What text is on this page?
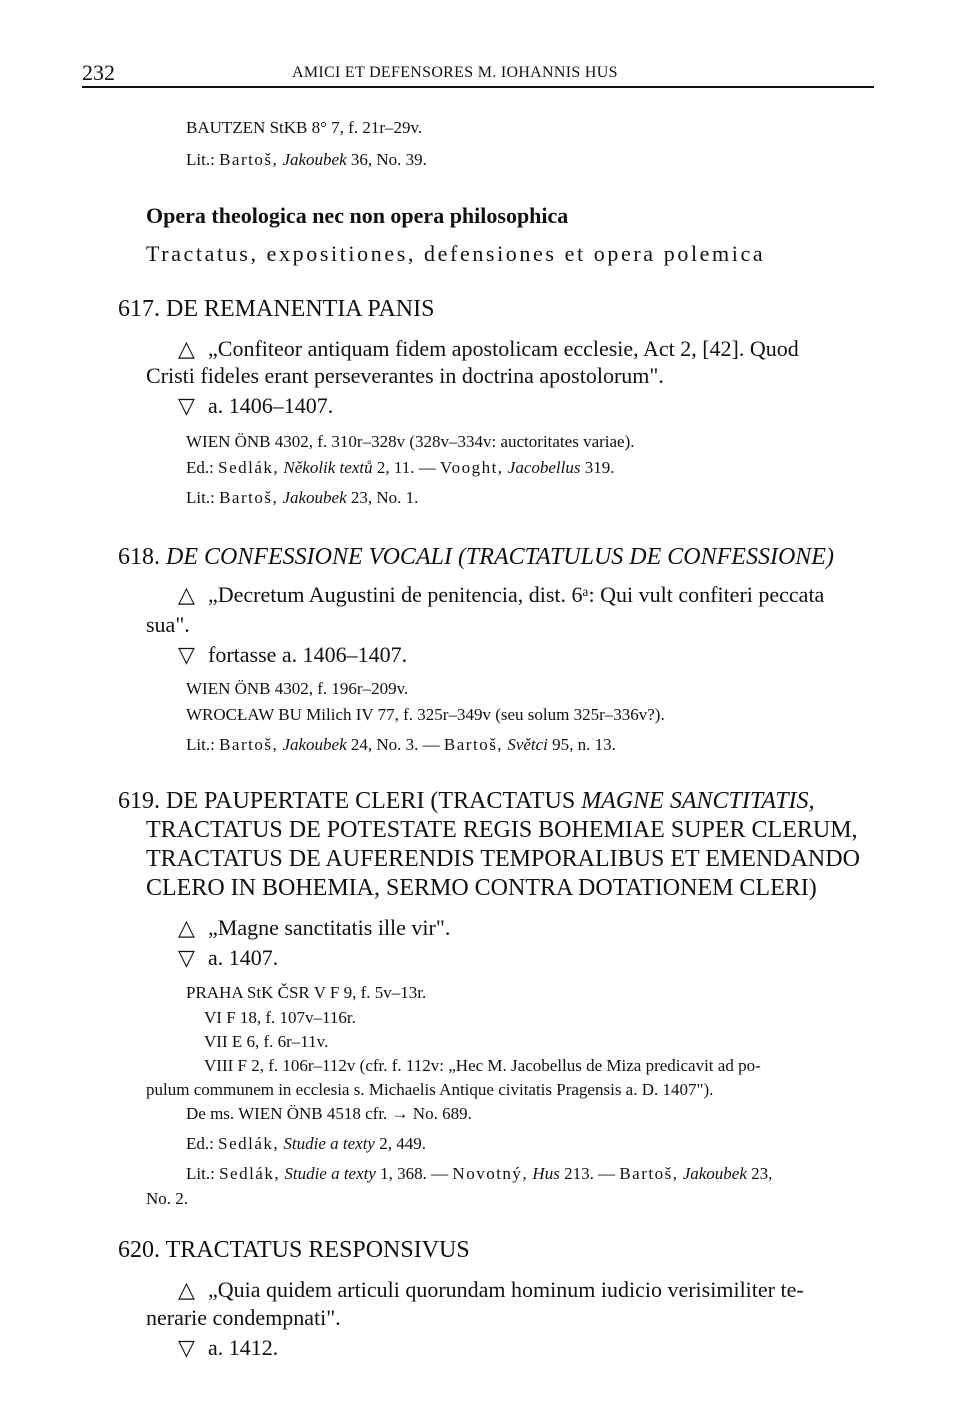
232	AMICI ET DEFENSORES M. IOHANNIS HUS
BAUTZEN StKB 8° 7, f. 21r–29v.
Lit.: Bartoš, Jakoubek 36, No. 39.
Opera theologica nec non opera philosophica
Tractatus, expositiones, defensiones et opera polemica
617. DE REMANENTIA PANIS
△ „Confiteor antiquam fidem apostolicam ecclesie, Act 2, [42]. Quod
Cristi fideles erant perseverantes in doctrina apostolorum".
▽ a. 1406–1407.
WIEN ÖNB 4302, f. 310r–328v (328v–334v: auctoritates variae).
Ed.: Sedlák, Několik textů 2, 11. — Vooght, Jacobellus 319.
Lit.: Bartoš, Jakoubek 23, No. 1.
618. DE CONFESSIONE VOCALI (TRACTATULUS DE CONFESSIONE)
△ „Decretum Augustini de penitencia, dist. 6ᵃ: Qui vult confiteri peccata
sua".
▽ fortasse a. 1406–1407.
WIEN ÖNB 4302, f. 196r–209v.
WROCŁAW BU Milich IV 77, f. 325r–349v (seu solum 325r–336v?).
Lit.: Bartoš, Jakoubek 24, No. 3. — Bartoš, Světci 95, n. 13.
619. DE PAUPERTATE CLERI (TRACTATUS MAGNE SANCTITATIS,
TRACTATUS DE POTESTATE REGIS BOHEMIAE SUPER CLERUM,
TRACTATUS DE AUFERENDIS TEMPORALIBUS ET EMENDANDO
CLERO IN BOHEMIA, SERMO CONTRA DOTATIONEM CLERI)
△ „Magne sanctitatis ille vir".
▽ a. 1407.
PRAHA StK ČSR V F 9, f. 5v–13r.
VI F 18, f. 107v–116r.
VII E 6, f. 6r–11v.
VIII F 2, f. 106r–112v (cfr. f. 112v: „Hec M. Jacobellus de Miza predicavit ad po-
pulum communem in ecclesia s. Michaelis Antique civitatis Pragensis a. D. 1407").
De ms. WIEN ÖNB 4518 cfr. → No. 689.
Ed.: Sedlák, Studie a texty 2, 449.
Lit.: Sedlák, Studie a texty 1, 368. — Novotný, Hus 213. — Bartoš, Jakoubek 23,
No. 2.
620. TRACTATUS RESPONSIVUS
△ „Quia quidem articuli quorundam hominum iudicio verisimiliter te-
nerarie condempnati".
▽ a. 1412.
